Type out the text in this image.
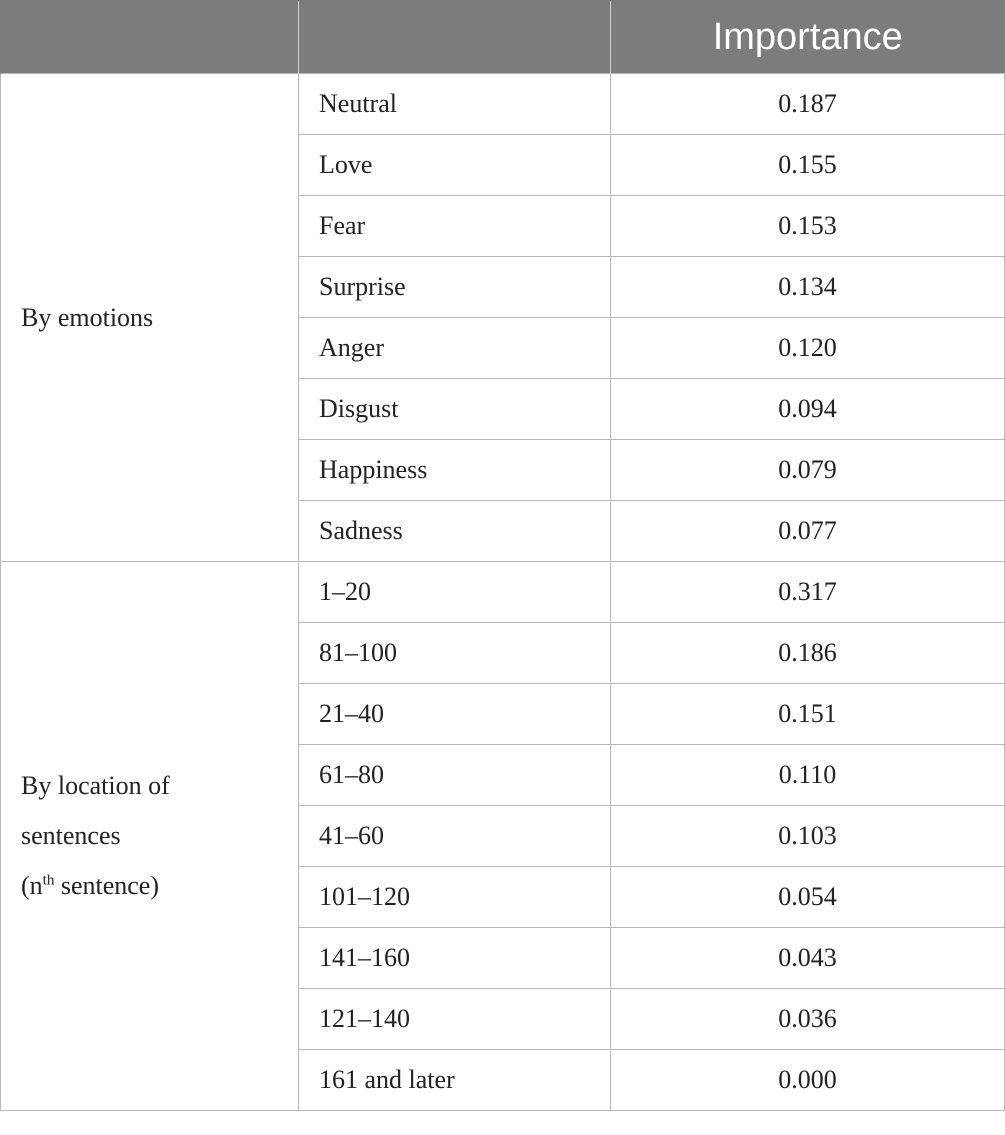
		Importance
By emotions	Neutral	0.187
	Love	0.155
	Fear	0.153
	Surprise	0.134
	Anger	0.120
	Disgust	0.094
	Happiness	0.079
	Sadness	0.077
By location of
sentences
($n^{th}$ sentence)	1–20	0.317
	81–100	0.186
	21–40	0.151
	61–80	0.110
	41–60	0.103
	101–120	0.054
	141–160	0.043
	121–140	0.036
	161 and later	0.000
